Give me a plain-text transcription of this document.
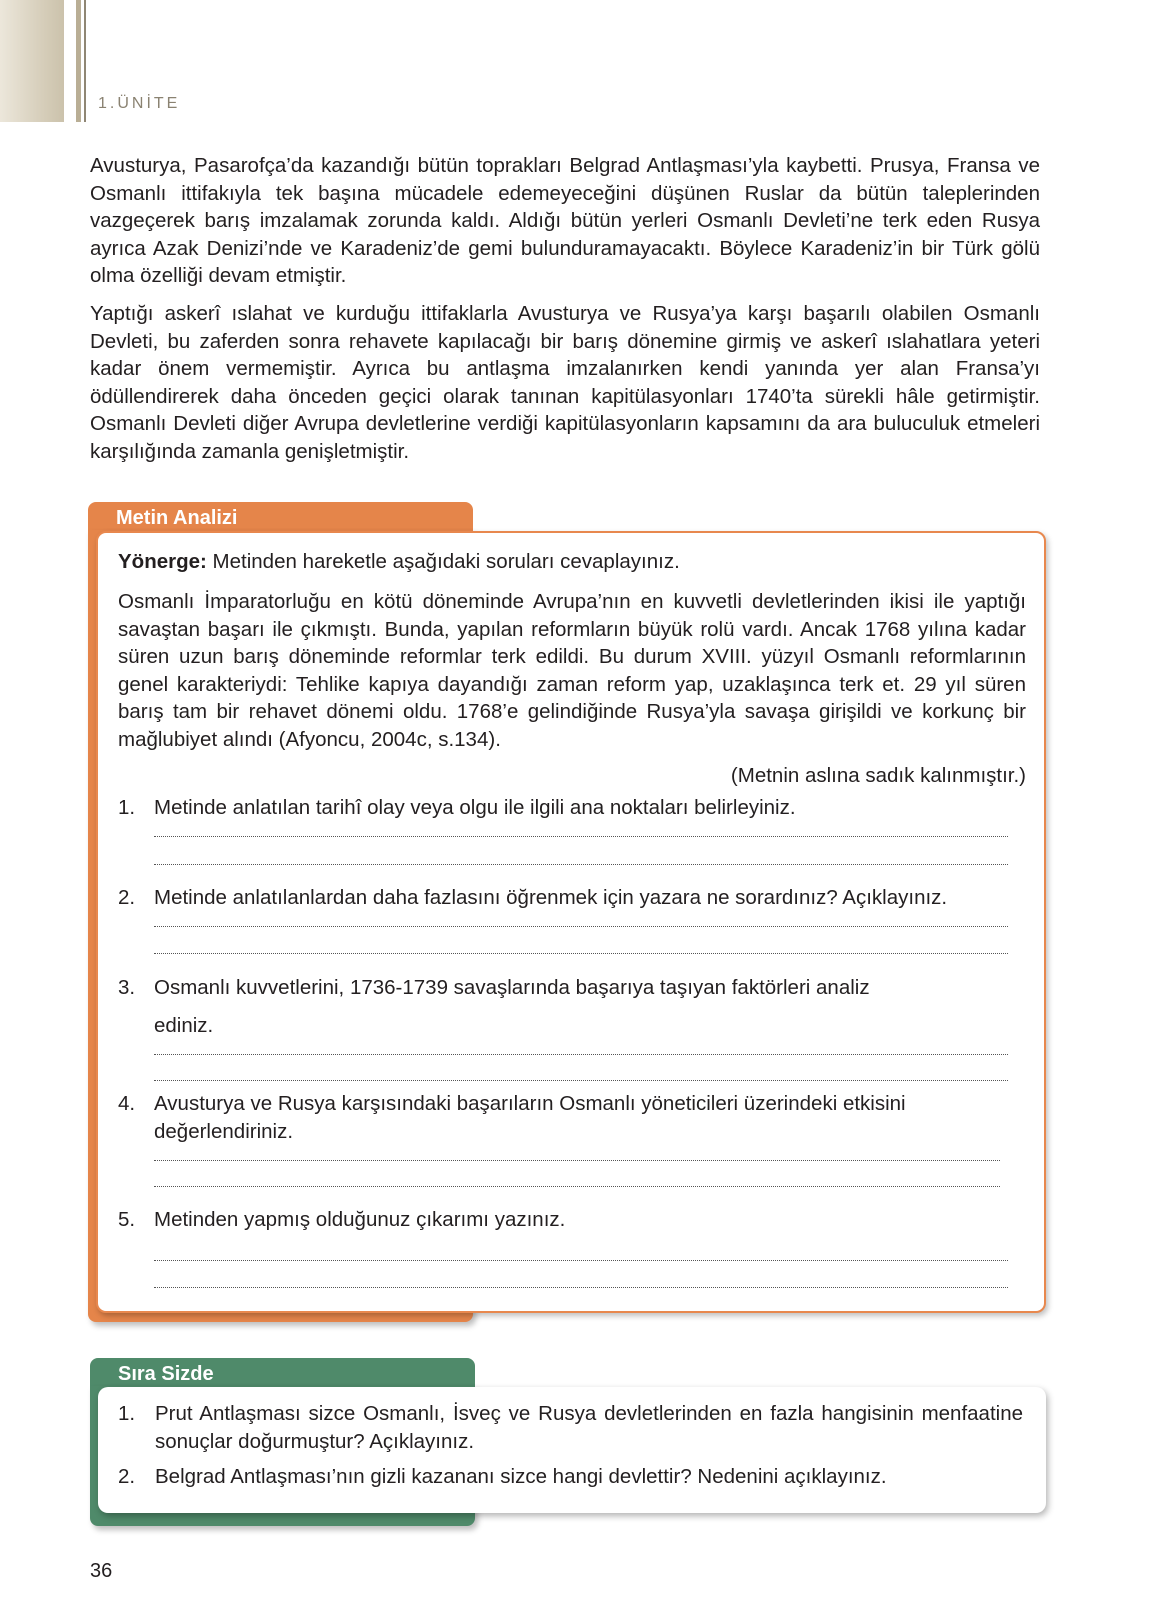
1.ÜNİTE

Avusturya, Pasarofça’da kazandığı bütün toprakları Belgrad Antlaşması’yla kaybetti. Prusya, Fransa ve Osmanlı ittifakıyla tek başına mücadele edemeyeceğini düşünen Ruslar da bütün taleplerinden vazgeçerek barış imzalamak zorunda kaldı. Aldığı bütün yerleri Osmanlı Devleti’ne terk eden Rusya ayrıca Azak Denizi’nde ve Karadeniz’de gemi bulunduramayacaktı. Böylece Karadeniz’in bir Türk gölü olma özelliği devam etmiştir.

Yaptığı askerî ıslahat ve kurduğu ittifaklarla Avusturya ve Rusya’ya karşı başarılı olabilen Osmanlı Devleti, bu zaferden sonra rehavete kapılacağı bir barış dönemine girmiş ve askerî ıslahatlara yeteri kadar önem vermemiştir. Ayrıca bu antlaşma imzalanırken kendi yanında yer alan Fransa’yı ödüllendirerek daha önceden geçici olarak tanınan kapitülasyonları 1740’ta sürekli hâle getirmiştir. Osmanlı Devleti diğer Avrupa devletlerine verdiği kapitülasyonların kapsamını da ara buluculuk etmeleri karşılığında zamanla genişletmiştir.

Metin Analizi

Yönerge: Metinden hareketle aşağıdaki soruları cevaplayınız.

Osmanlı İmparatorluğu en kötü döneminde Avrupa’nın en kuvvetli devletlerinden ikisi ile yaptığı savaştan başarı ile çıkmıştı. Bunda, yapılan reformların büyük rolü vardı. Ancak 1768 yılına kadar süren uzun barış döneminde reformlar terk edildi. Bu durum XVIII. yüzyıl Osmanlı reformlarının genel karakteriydi: Tehlike kapıya dayandığı zaman reform yap, uzaklaşınca terk et. 29 yıl süren barış tam bir rehavet dönemi oldu. 1768’e gelindiğinde Rusya’yla savaşa girişildi ve korkunç bir mağlubiyet alındı (Afyoncu, 2004c, s.134).

(Metnin aslına sadık kalınmıştır.)

1. Metinde anlatılan tarihî olay veya olgu ile ilgili ana noktaları belirleyiniz.

2. Metinde anlatılanlardan daha fazlasını öğrenmek için yazara ne sorardınız? Açıklayınız.

3. Osmanlı kuvvetlerini, 1736-1739 savaşlarında başarıya taşıyan faktörleri analiz

ediniz.

4. Avusturya ve Rusya karşısındaki başarıların Osmanlı yöneticileri üzerindeki etkisini değerlendiriniz.

5. Metinden yapmış olduğunuz çıkarımı yazınız.

Sıra Sizde
1. Prut Antlaşması sizce Osmanlı, İsveç ve Rusya devletlerinden en fazla hangisinin menfaatine sonuçlar doğurmuştur? Açıklayınız.

2. Belgrad Antlaşması’nın gizli kazananı sizce hangi devlettir? Nedenini açıklayınız.

36
